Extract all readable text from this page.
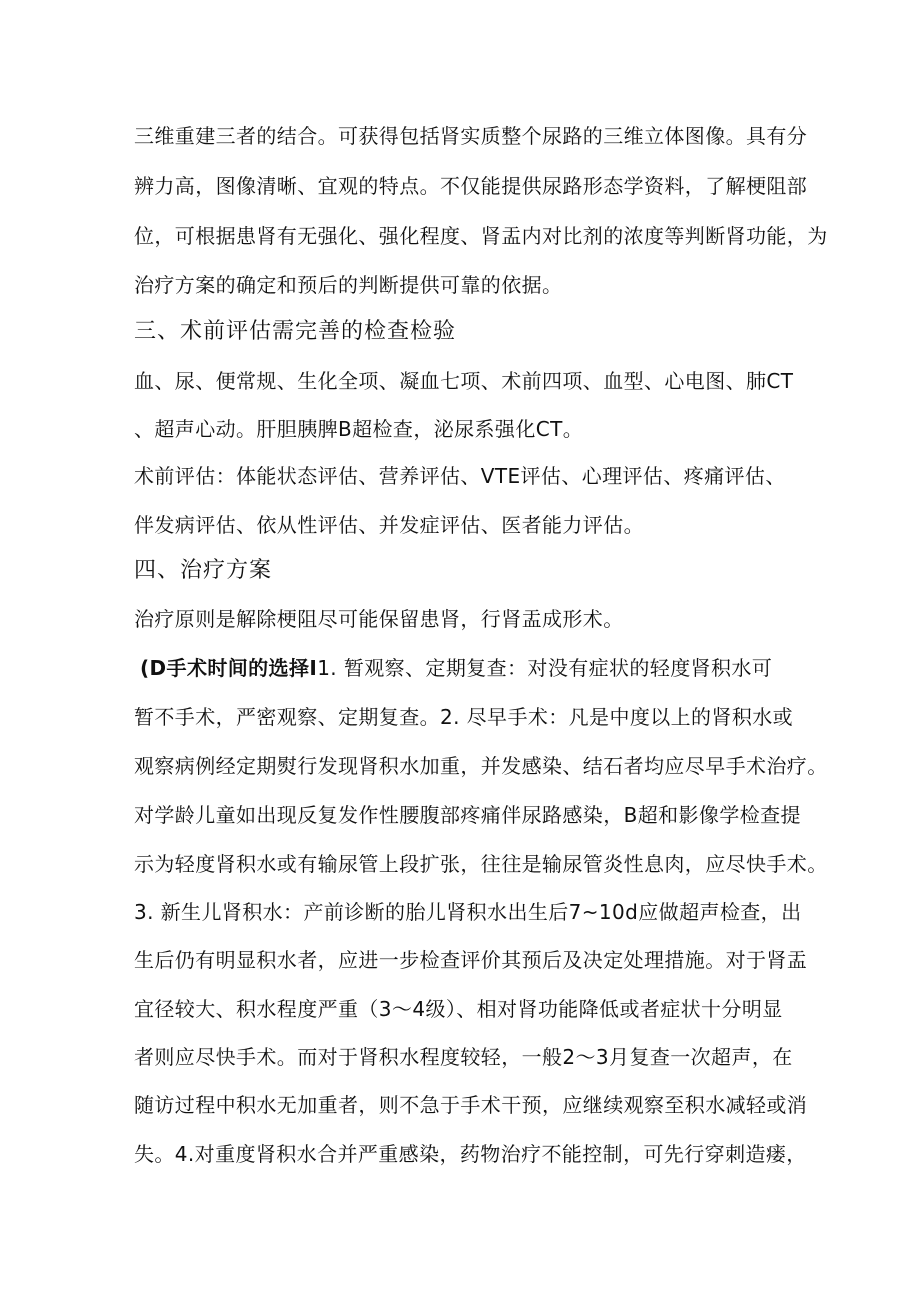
三维重建三者的结合。可获得包括肾实质整个尿路的三维立体图像。具有分
辨力高，图像清晰、宜观的特点。不仅能提供尿路形态学资料，了解梗阻部
位，可根据患肾有无强化、强化程度、肾盂内对比剂的浓度等判断肾功能，为
治疗方案的确定和预后的判断提供可靠的依据。
三、术前评估需完善的检查检验
血、尿、便常规、生化全项、凝血七项、术前四项、血型、心电图、肺CT
、超声心动。肝胆胰脾B超检查，泌尿系强化CT。
术前评估：体能状态评估、营养评估、VTE评估、心理评估、疼痛评估、
伴发病评估、依从性评估、并发症评估、医者能力评估。
四、治疗方案
治疗原则是解除梗阻尽可能保留患肾，行肾盂成形术。
(D手术时间的选择I1. 暂观察、定期复查：对没有症状的轻度肾积水可
暂不手术，严密观察、定期复查。2. 尽早手术：凡是中度以上的肾积水或
观察病例经定期熨行发现肾积水加重，并发感染、结石者均应尽早手术治疗。
对学龄儿童如出现反复发作性腰腹部疼痛伴尿路感染，B超和影像学检查提
示为轻度肾积水或有输尿管上段扩张，往往是输尿管炎性息肉，应尽快手术。
3. 新生儿肾积水：产前诊断的胎儿肾积水出生后7~10d应做超声检查，出
生后仍有明显积水者，应进一步检查评价其预后及决定处理措施。对于肾盂
宜径较大、积水程度严重（3〜4级）、相对肾功能降低或者症状十分明显
者则应尽快手术。而对于肾积水程度较轻，一般2〜3月复查一次超声，在
随访过程中积水无加重者，则不急于手术干预，应继续观察至积水减轻或消
失。4.对重度肾积水合并严重感染，药物治疗不能控制，可先行穿刺造瘘，
